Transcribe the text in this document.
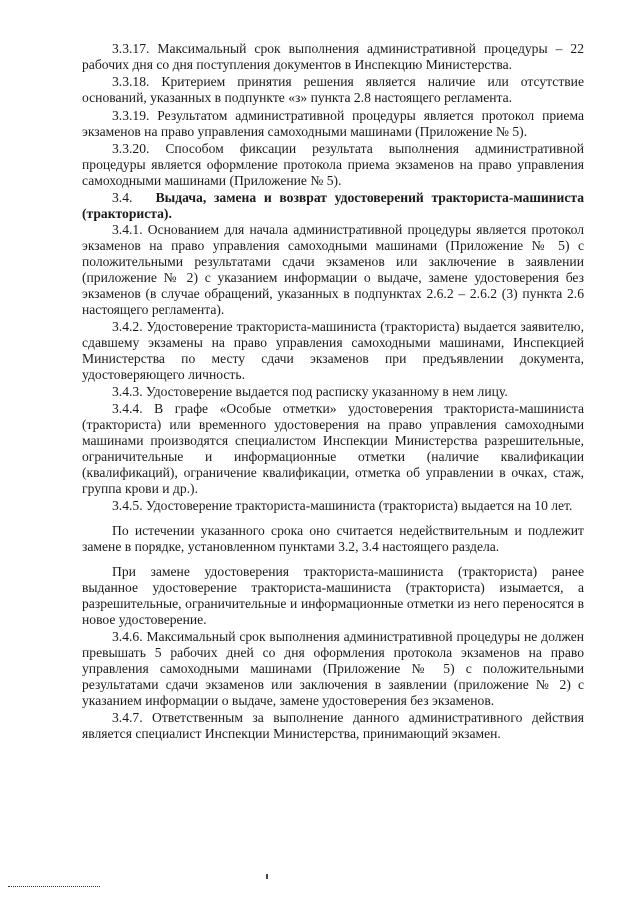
3.3.17. Максимальный срок выполнения административной процедуры – 22 рабочих дня со дня поступления документов в Инспекцию Министерства.

3.3.18. Критерием принятия решения является наличие или отсутствие оснований, указанных в подпункте «з» пункта 2.8 настоящего регламента.

3.3.19. Результатом административной процедуры является протокол приема экзаменов на право управления самоходными машинами (Приложение № 5).

3.3.20. Способом фиксации результата выполнения административной процедуры является оформление протокола приема экзаменов на право управления самоходными машинами (Приложение № 5).

3.4. Выдача, замена и возврат удостоверений тракториста-машиниста (тракториста).

3.4.1. Основанием для начала административной процедуры является протокол экзаменов на право управления самоходными машинами (Приложение № 5) с положительными результатами сдачи экзаменов или заключение в заявлении (приложение № 2) с указанием информации о выдаче, замене удостоверения без экзаменов (в случае обращений, указанных в подпунктах 2.6.2 – 2.6.2 (3) пункта 2.6 настоящего регламента).

3.4.2. Удостоверение тракториста-машиниста (тракториста) выдается заявителю, сдавшему экзамены на право управления самоходными машинами, Инспекцией Министерства по месту сдачи экзаменов при предъявлении документа, удостоверяющего личность.

3.4.3. Удостоверение выдается под расписку указанному в нем лицу.

3.4.4. В графе «Особые отметки» удостоверения тракториста-машиниста (тракториста) или временного удостоверения на право управления самоходными машинами производятся специалистом Инспекции Министерства разрешительные, ограничительные и информационные отметки (наличие квалификации (квалификаций), ограничение квалификации, отметка об управлении в очках, стаж, группа крови и др.).

3.4.5. Удостоверение тракториста-машиниста (тракториста) выдается на 10 лет.

По истечении указанного срока оно считается недействительным и подлежит замене в порядке, установленном пунктами 3.2, 3.4 настоящего раздела.

При замене удостоверения тракториста-машиниста (тракториста) ранее выданное удостоверение тракториста-машиниста (тракториста) изымается, а разрешительные, ограничительные и информационные отметки из него переносятся в новое удостоверение.

3.4.6. Максимальный срок выполнения административной процедуры не должен превышать 5 рабочих дней со дня оформления протокола экзаменов на право управления самоходными машинами (Приложение № 5) с положительными результатами сдачи экзаменов или заключения в заявлении (приложение № 2) с указанием информации о выдаче, замене удостоверения без экзаменов.

3.4.7. Ответственным за выполнение данного административного действия является специалист Инспекции Министерства, принимающий экзамен.
